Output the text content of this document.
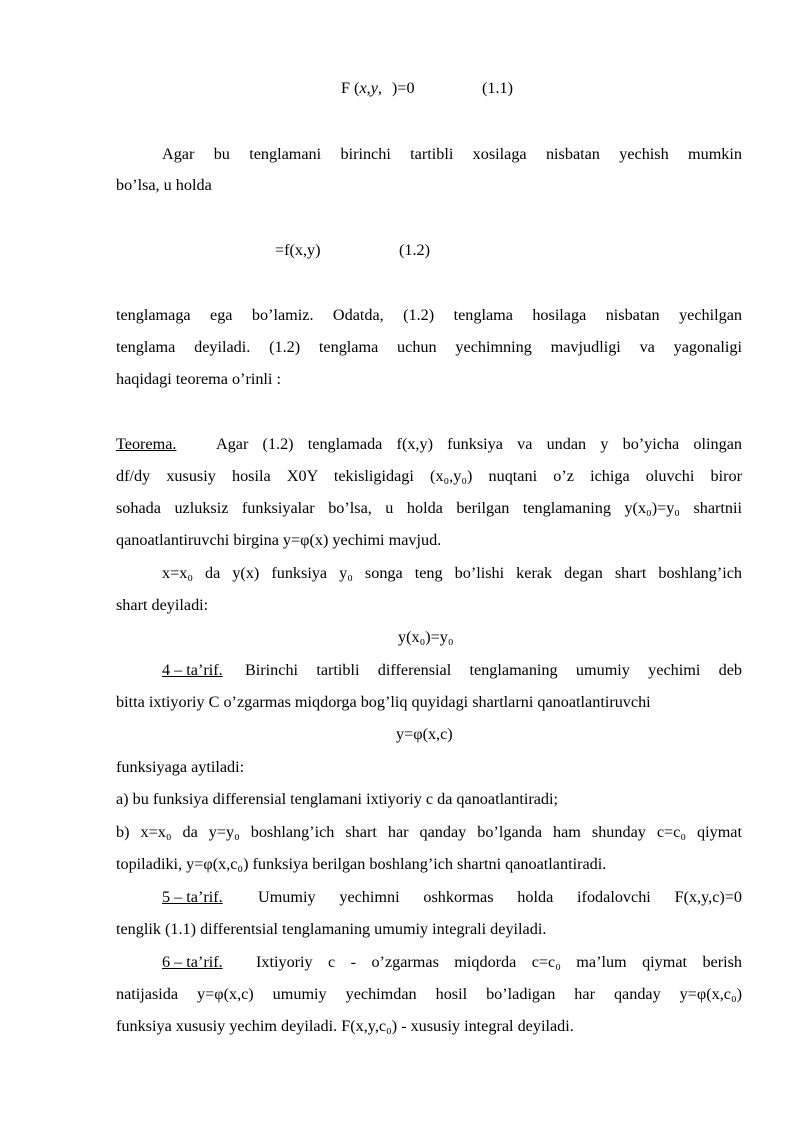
F (x,y, )=0	(1.1)
Agar bu tenglamani birinchi tartibli xosilaga nisbatan yechish mumkin
bo’lsa, u holda
=f(x,y)	(1.2)
tenglamaga ega bo’lamiz. Odatda, (1.2) tenglama hosilaga nisbatan yechilgan
tenglama deyiladi. (1.2) tenglama uchun yechimning mavjudligi va yagonaligi
haqidagi teorema o’rinli :
Teorema. Agar (1.2) tenglamada f(x,y) funksiya va undan y bo’yicha olingan
df/dy xususiy hosila X0Y tekisligidagi (x₀,y₀) nuqtani o’z ichiga oluvchi biror
sohada uzluksiz funksiyalar bo’lsa, u holda berilgan tenglamaning y(x₀)=y₀ shartnii
qanoatlantiruvchi birgina y=φ(x) yechimi mavjud.
x=x₀ da y(x) funksiya y₀ songa teng bo’lishi kerak degan shart boshlang’ich
shart deyiladi:
y(x₀)=y₀
4 – ta’rif. Birinchi tartibli differensial tenglamaning umumiy yechimi deb
bitta ixtiyoriy C o’zgarmas miqdorga bog’liq quyidagi shartlarni qanoatlantiruvchi
y=φ(x,c)
funksiyaga aytiladi:
a) bu funksiya differensial tenglamani ixtiyoriy c da qanoatlantiradi;
b) x=x₀ da y=y₀ boshlang’ich shart har qanday bo’lganda ham shunday c=c₀ qiymat
topiladiki, y=φ(x,c₀) funksiya berilgan boshlang’ich shartni qanoatlantiradi.
5 – ta’rif. Umumiy yechimni oshkormas holda ifodalovchi F(x,y,c)=0
tenglik (1.1) differentsial tenglamaning umumiy integrali deyiladi.
6 – ta’rif. Ixtiyoriy c - o’zgarmas miqdorda c=c₀ ma’lum qiymat berish
natijasida y=φ(x,c) umumiy yechimdan hosil bo’ladigan har qanday y=φ(x,c₀)
funksiya xususiy yechim deyiladi. F(x,y,c₀) - xususiy integral deyiladi.
